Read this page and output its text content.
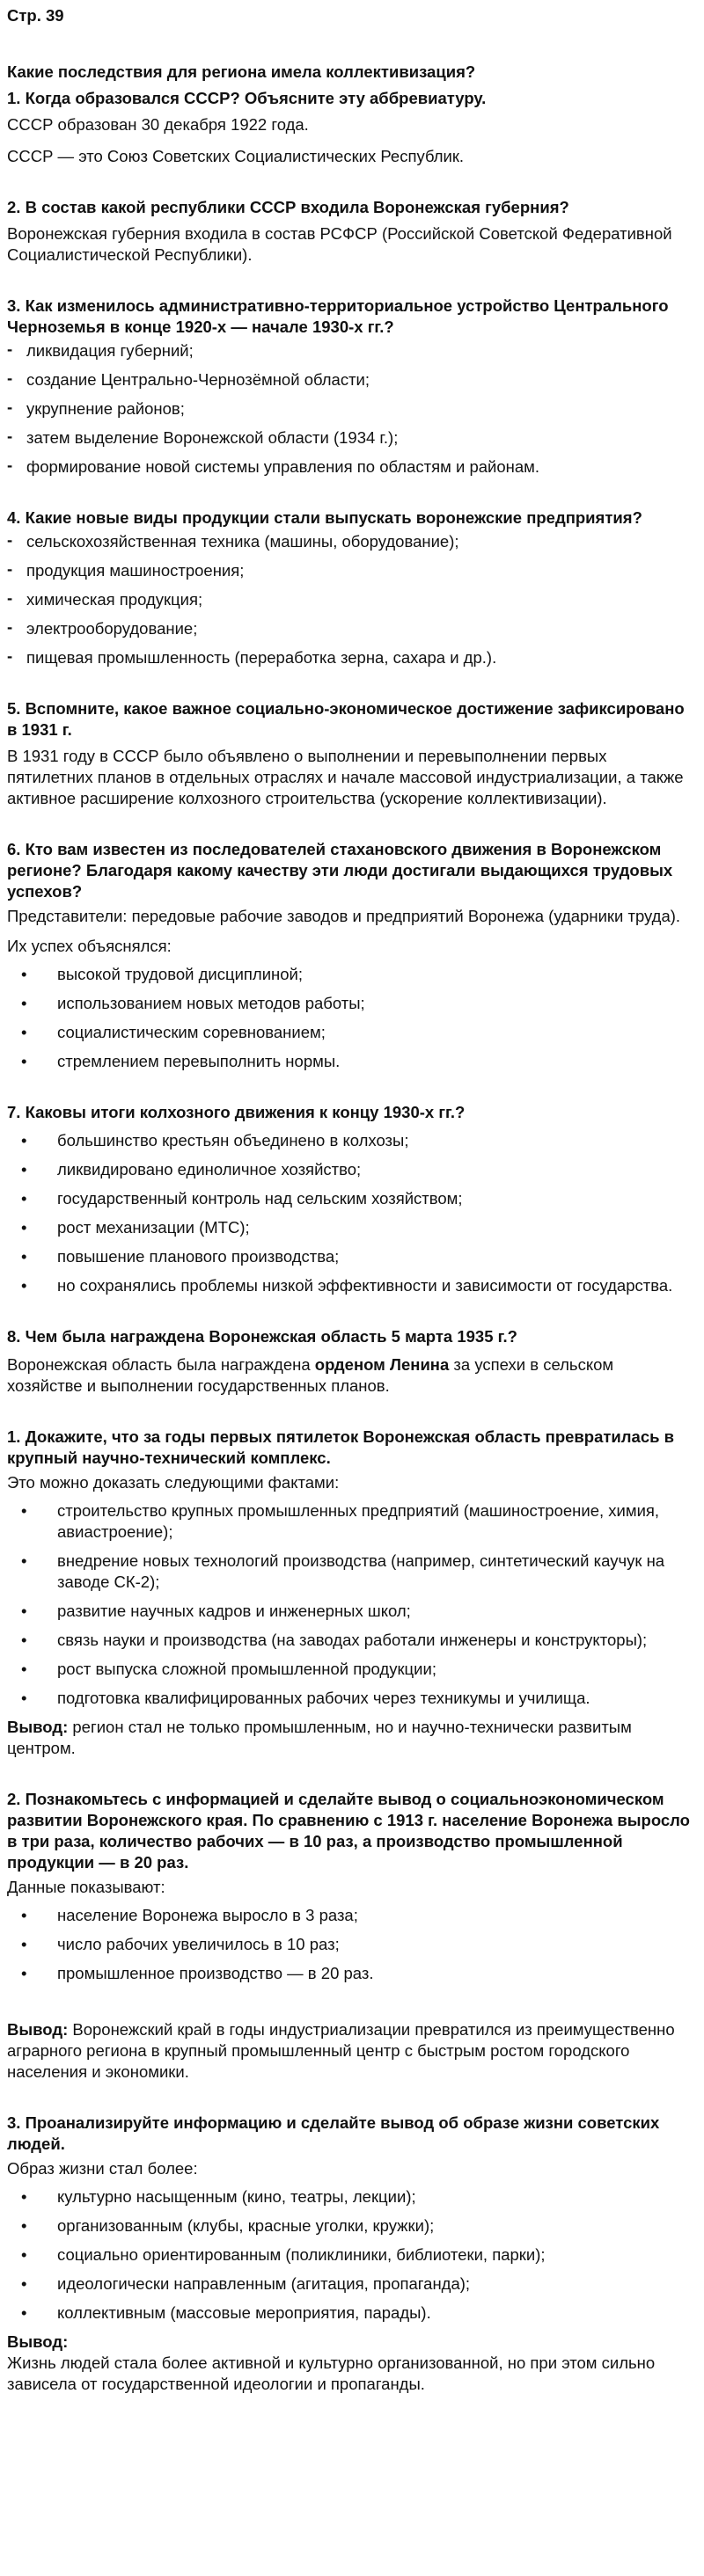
Стр. 39

Какие последствия для региона имела коллективизация?

1. Когда образовался СССР? Объясните эту аббревиатуру.

СССР образован 30 декабря 1922 года.

СССР — это Союз Советских Социалистических Республик.

2. В состав какой республики СССР входила Воронежская губерния?

Воронежская губерния входила в состав РСФСР (Российской Советской Федеративной Социалистической Республики).

3. Как изменилось административно-территориальное устройство Центрального Черноземья в конце 1920-х — начале 1930-х гг.?

- ликвидация губерний;
- создание Центрально-Чернозёмной области;
- укрупнение районов;
- затем выделение Воронежской области (1934 г.);
- формирование новой системы управления по областям и районам.

4. Какие новые виды продукции стали выпускать воронежские предприятия?

- сельскохозяйственная техника (машины, оборудование);
- продукция машиностроения;
- химическая продукция;
- электрооборудование;
- пищевая промышленность (переработка зерна, сахара и др.).

5. Вспомните, какое важное социально-экономическое достижение зафиксировано в 1931 г.

В 1931 году в СССР было объявлено о выполнении и перевыполнении первых пятилетних планов в отдельных отраслях и начале массовой индустриализации, а также активное расширение колхозного строительства (ускорение коллективизации).

6. Кто вам известен из последователей стахановского движения в Воронежском регионе? Благодаря какому качеству эти люди достигали выдающихся трудовых успехов?

Представители: передовые рабочие заводов и предприятий Воронежа (ударники труда).

Их успех объяснялся:

• высокой трудовой дисциплиной;
• использованием новых методов работы;
• социалистическим соревнованием;
• стремлением перевыполнить нормы.

7. Каковы итоги колхозного движения к концу 1930-х гг.?

• большинство крестьян объединено в колхозы;
• ликвидировано единоличное хозяйство;
• государственный контроль над сельским хозяйством;
• рост механизации (МТС);
• повышение планового производства;
• но сохранялись проблемы низкой эффективности и зависимости от государства.

8. Чем была награждена Воронежская область 5 марта 1935 г.?

Воронежская область была награждена орденом Ленина за успехи в сельском хозяйстве и выполнении государственных планов.

1. Докажите, что за годы первых пятилеток Воронежская область превратилась в крупный научно-технический комплекс.

Это можно доказать следующими фактами:

• строительство крупных промышленных предприятий (машиностроение, химия, авиастроение);
• внедрение новых технологий производства (например, синтетический каучук на заводе СК-2);
• развитие научных кадров и инженерных школ;
• связь науки и производства (на заводах работали инженеры и конструкторы);
• рост выпуска сложной промышленной продукции;
• подготовка квалифицированных рабочих через техникумы и училища.

Вывод: регион стал не только промышленным, но и научно-технически развитым центром.

2. Познакомьтесь с информацией и сделайте вывод о социальноэкономическом развитии Воронежского края. По сравнению с 1913 г. население Воронежа выросло в три раза, количество рабочих — в 10 раз, а производство промышленной продукции — в 20 раз.

Данные показывают:

• население Воронежа выросло в 3 раза;
• число рабочих увеличилось в 10 раз;
• промышленное производство — в 20 раз.

Вывод: Воронежский край в годы индустриализации превратился из преимущественно аграрного региона в крупный промышленный центр с быстрым ростом городского населения и экономики.

3. Проанализируйте информацию и сделайте вывод об образе жизни советских людей.

Образ жизни стал более:

• культурно насыщенным (кино, театры, лекции);
• организованным (клубы, красные уголки, кружки);
• социально ориентированным (поликлиники, библиотеки, парки);
• идеологически направленным (агитация, пропаганда);
• коллективным (массовые мероприятия, парады).

Вывод:

Жизнь людей стала более активной и культурно организованной, но при этом сильно зависела от государственной идеологии и пропаганды.
